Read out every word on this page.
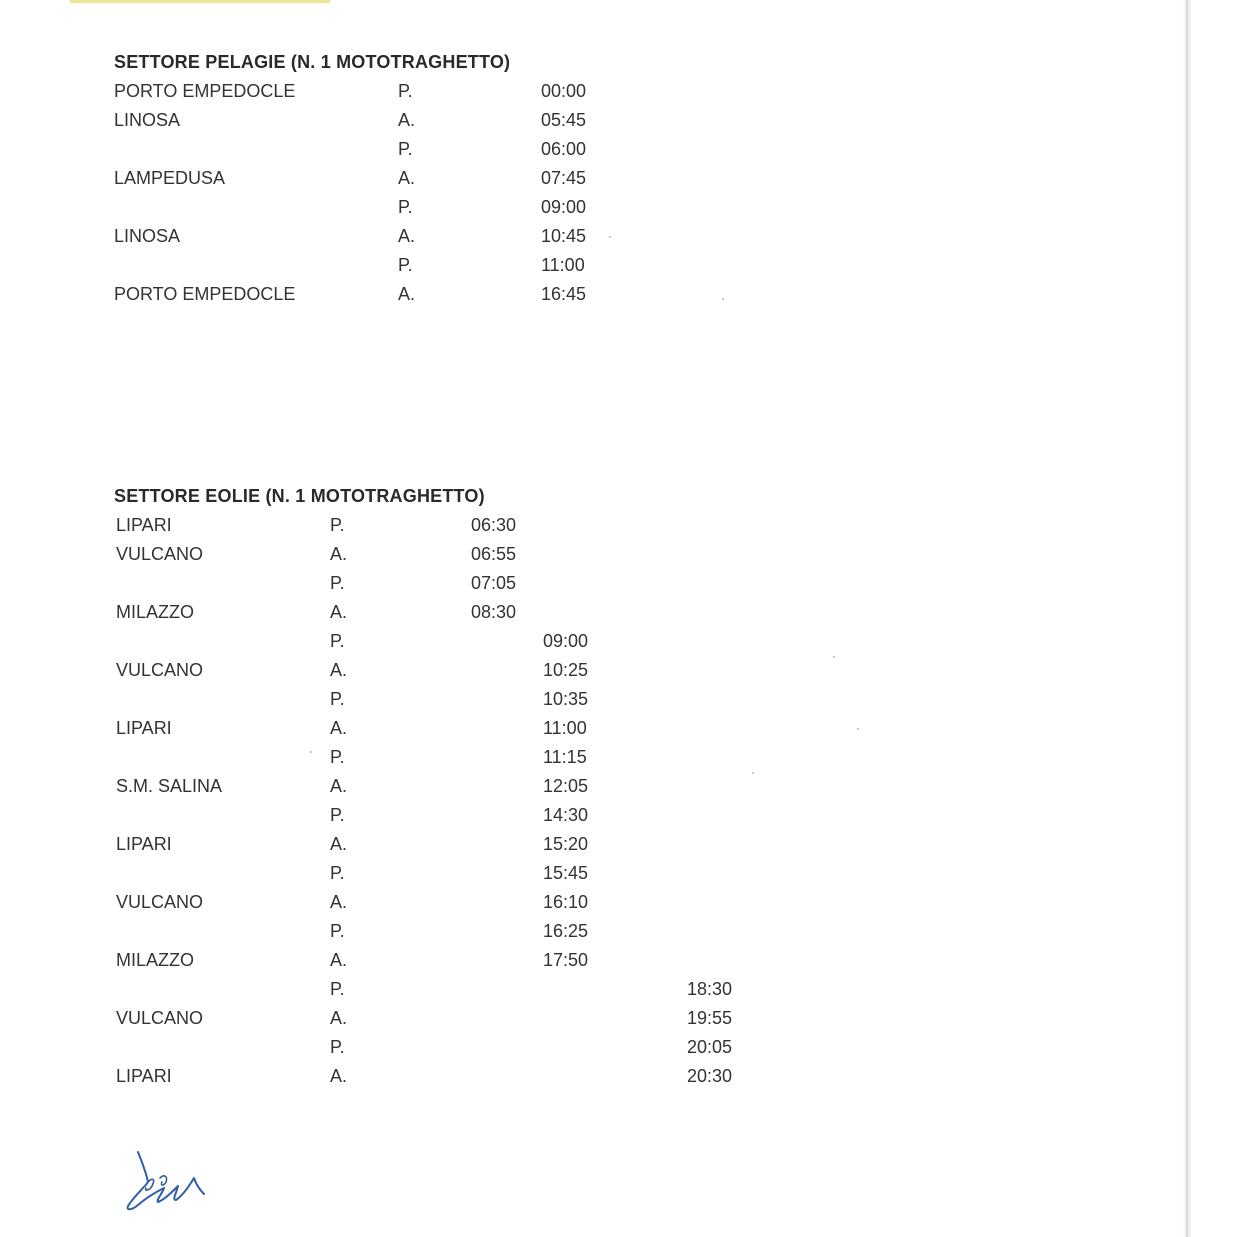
SETTORE PELAGIE (N. 1 MOTOTRAGHETTO)
PORTO EMPEDOCLE	P.	00:00
LINOSA	A.	05:45
P.	06:00
LAMPEDUSA	A.	07:45
P.	09:00
LINOSA	A.	10:45
P.	11:00
PORTO EMPEDOCLE	A.	16:45
SETTORE EOLIE (N. 1 MOTOTRAGHETTO)
LIPARI	P.	06:30
VULCANO	A.	06:55
P.	07:05
MILAZZO	A.	08:30
P.	09:00
VULCANO	A.	10:25
P.	10:35
LIPARI	A.	11:00
P.	11:15
S.M. SALINA	A.	12:05
P.	14:30
LIPARI	A.	15:20
P.	15:45
VULCANO	A.	16:10
P.	16:25
MILAZZO	A.	17:50
P.	18:30
VULCANO	A.	19:55
P.	20:05
LIPARI	A.	20:30
